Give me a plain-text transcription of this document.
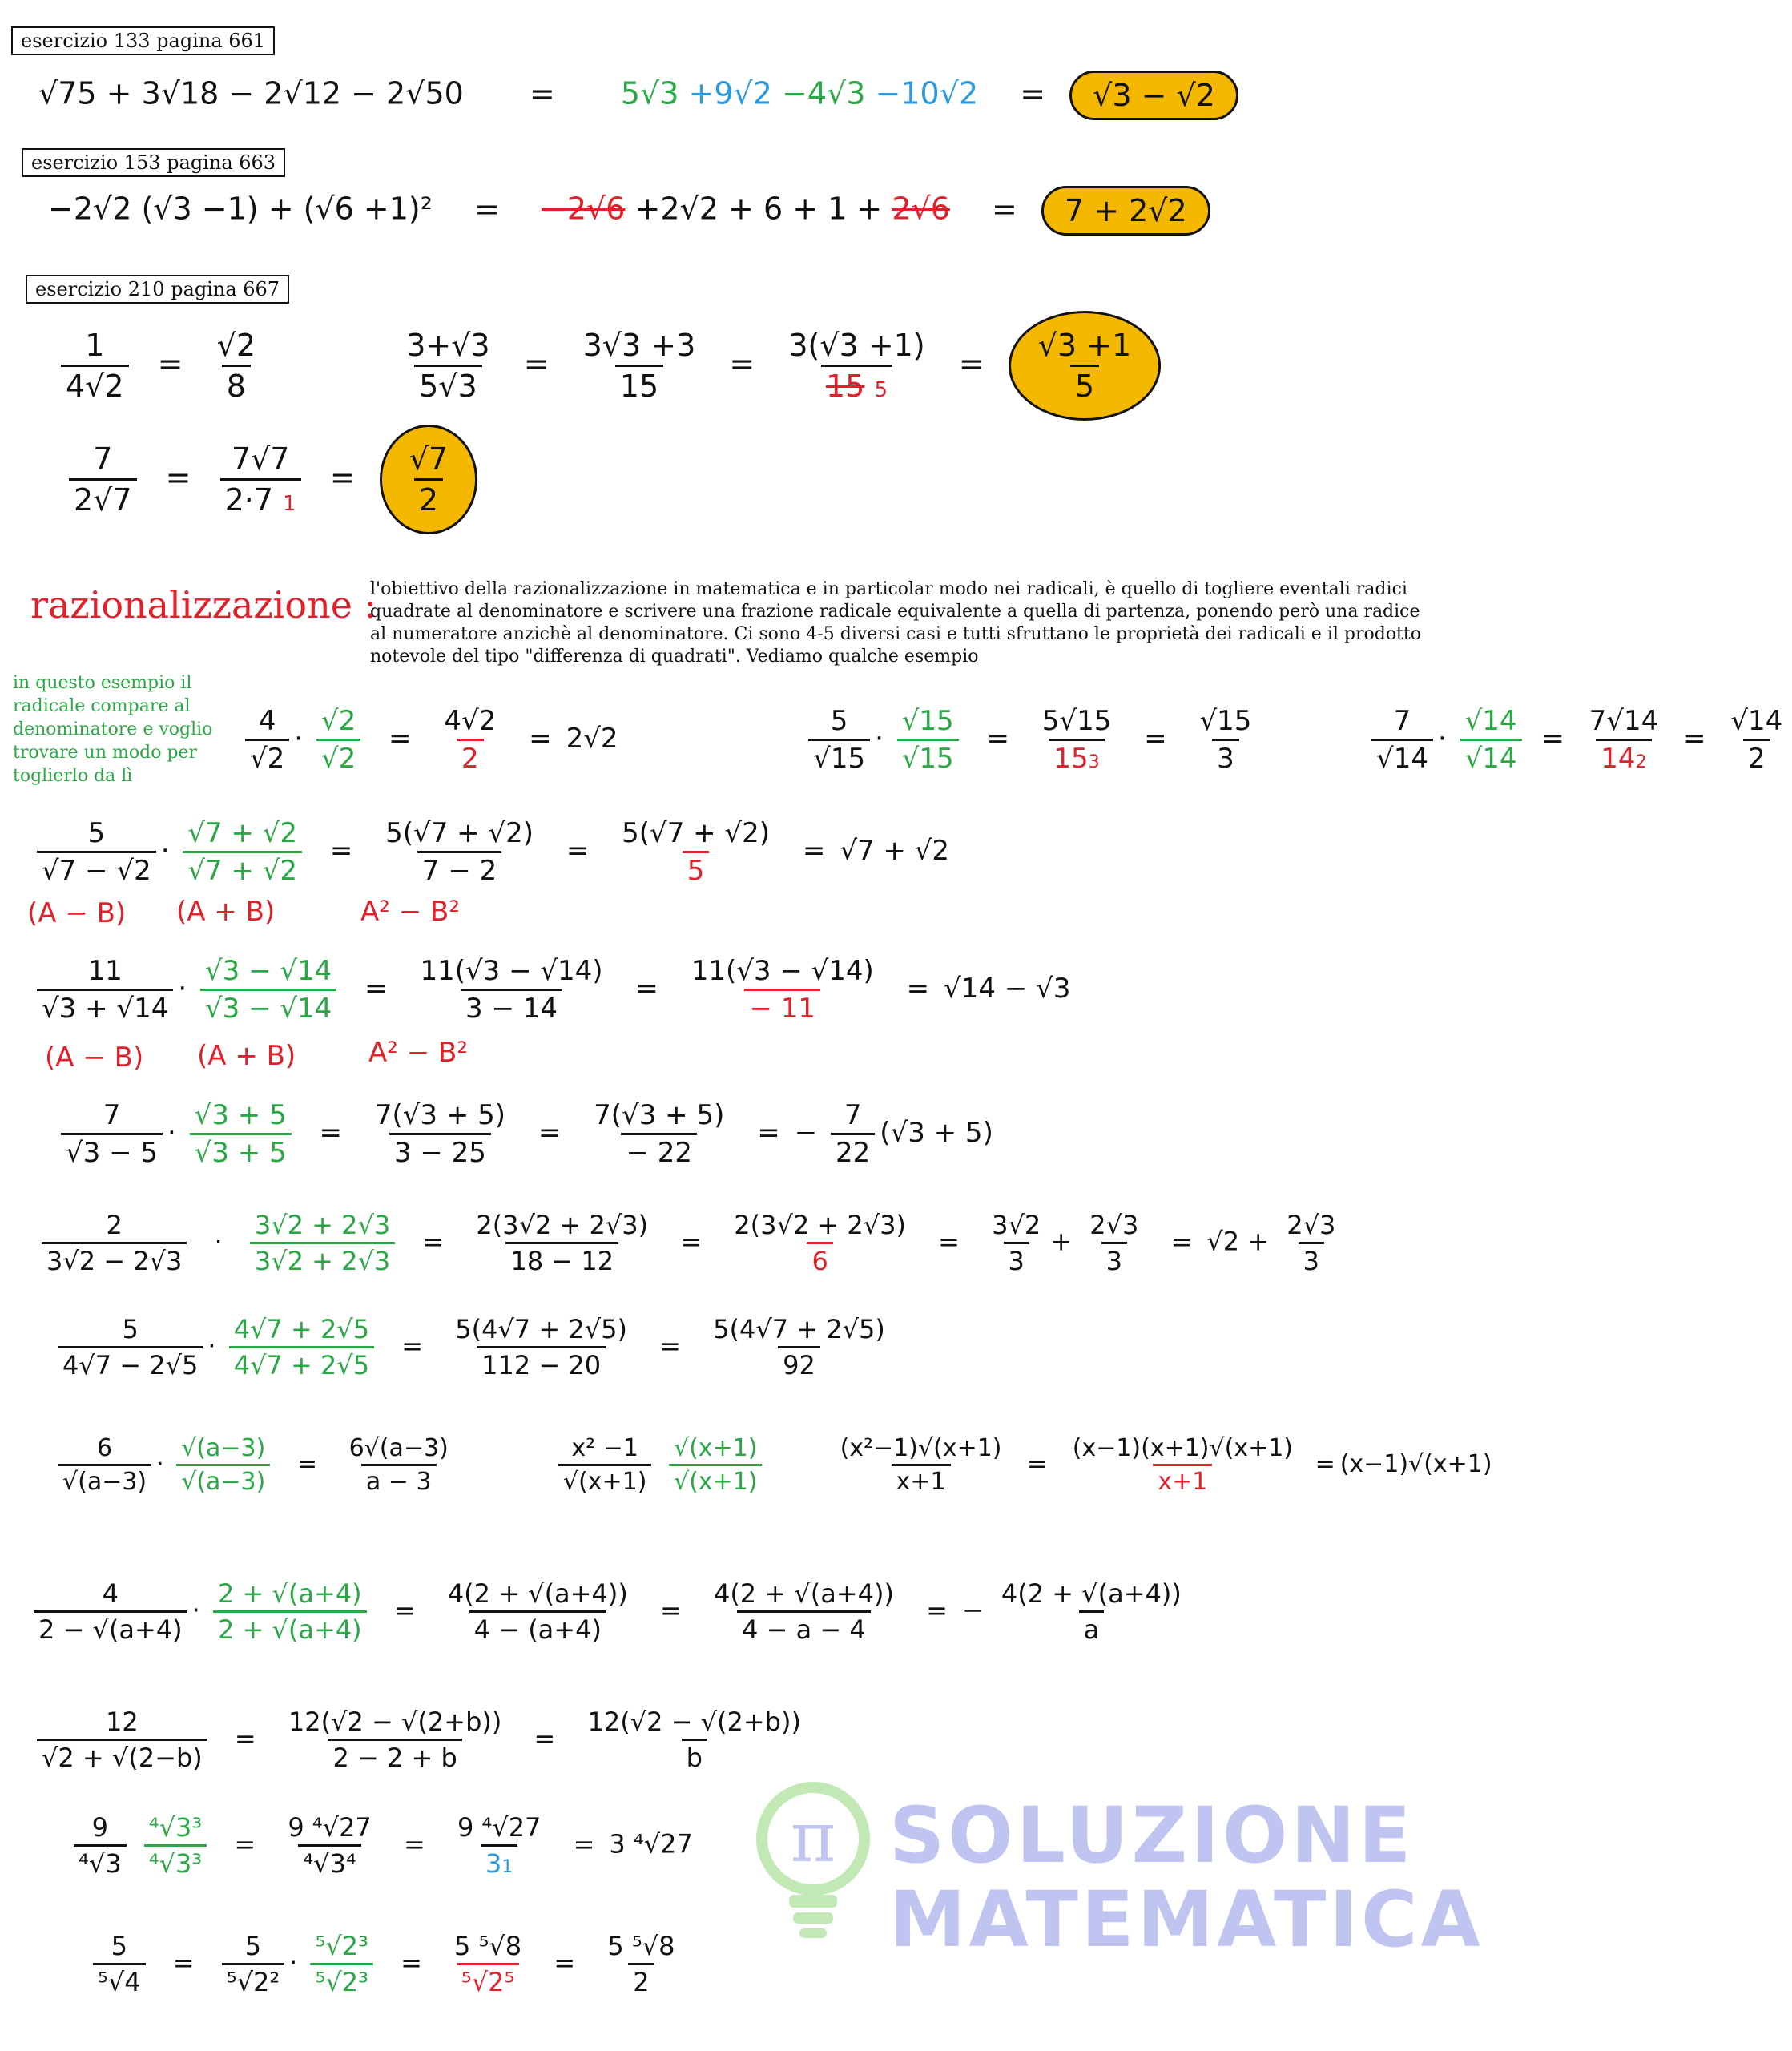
esercizio 133 pagina 661
esercizio 153 pagina 663
esercizio 210 pagina 667
√75 + 3√18 − 2√12 − 2√50 = 5√3 +9√2 −4√3 −10√2 = √3 − √2
−2√2 (√3 −1) + (√6 +1)² = −2√6 +2√2 + 6 + 1 + 2√6 = 7 + 2√2
$\frac{1}{4√2} = \frac{√2}{8}$
	$\frac{3+√3}{5√3} = \frac{3√3 +3}{15} = \frac{3(√3 +1)}{15 5} = \frac{√3 +1}{5}$
$\frac{7}{2√7} = \frac{7√7}{2\cdot 7 1} = \frac{√7}{2}$
razionalizzazione :
l'obiettivo della razionalizzazione in matematica e in particolar modo nei radicali, è quello di togliere eventali radici quadrate al denominatore e scrivere una frazione radicale equivalente a quella di partenza, ponendo però una radice al numeratore anzichè al denominatore. Ci sono 4-5 diversi casi e tutti sfruttano le proprietà dei radicali e il prodotto notevole del tipo "differenza di quadrati". Vediamo qualche esempio
in questo esempio il radicale compare al denominatore e voglio trovare un modo per toglierlo da lì
$\frac{4}{√2} \cdot \frac{√2}{√2} = \frac{4√2}{2} = 2√2$	$\frac{5}{√15} \cdot \frac{√15}{√15} = \frac{5√15}{153} = \frac{√15}{3}$
	$\frac{7}{√14} \cdot \frac{√14}{√14} = \frac{7√14}{142} = \frac{√14}{2}$
$\frac{5}{√7 - √2} \cdot \frac{√7 + √2}{√7 + √2} = \frac{5(√7 + √2)}{7 - 2} = \frac{5(√7 + √2)}{5} = √7 + √2$
(A − B) (A + B)	A² − B²
$\frac{11}{√3 + √14} \cdot \frac{√3 - √14}{√3 - √14} = \frac{11(√3 - √14)}{3 - 14} = \frac{11(√3 - √14)}{- 11} = √14 - √3$
(A − B) (A + B)	A² − B²
$\frac{7}{√3 - 5} \cdot \frac{√3 + 5}{√3 + 5} = \frac{7(√3 + 5)}{3 - 25} = \frac{7(√3 + 5)}{- 22}$ = − $\frac{7}{22} (√3 + 5)$
$\frac{2}{3√2 - 2√3} \cdot \frac{3√2 + 2√3}{3√2 + 2√3} = \frac{2(3√2 + 2√3)}{18 - 12} = \frac{2(3√2 + 2√3)}{6} = \frac{3√2}{3} + \frac{2√3}{3} = √2 + \frac{2√3}{3}$
$\frac{5}{4√7 - 2√5} \cdot \frac{4√7 + 2√5}{4√7 + 2√5} = \frac{5(4√7 + 2√5)}{112 - 20} = \frac{5(4√7 + 2√5)}{92}$
$\frac{6}{√(a-3)} \cdot \frac{√(a-3)}{√(a-3)} = \frac{6√(a-3)}{a - 3}$
	$\frac{\text{x² −1}}{√(x+1)}$
$\frac{√(x+1)}{√(x+1)}$
	$\frac{\text{(x²−1)√(x+1)}}{x+1} = \frac{(x-1)(x+1)√(x+1)}{x+1} = (x-1)√(x+1)$
$\frac{4}{2 - √(a+4)} \cdot \frac{2 + √(a+4)}{2 + √(a+4)} = \frac{4(2 + √(a+4))}{4 - (a+4)} = \frac{4(2 + √(a+4))}{4 - a - 4}$ = − $\frac{4(2 + √(a+4))}{a}$
$\frac{12}{√2 + √(2-b)} = \frac{12(√2 - √(2+b))}{2 - 2 + b} = \frac{12(√2 - √(2+b))}{b}$
$\frac{9}{\text{⁴√3}}$
$\frac{\text{⁴√3³}}{\text{⁴√3³}} = \frac{\text{9 ⁴√27}}{\text{⁴√3⁴}} = \frac{\text{9 ⁴√27}}{31} = 3$ ⁴√27
$\frac{5}{\text{⁵√4}} = \frac{5}{\text{⁵√2²}} \cdot \frac{\text{⁵√2³}}{\text{⁵√2³}} = \frac{\text{5 ⁵√8}}{\text{⁵√2⁵}} = \frac{\text{5 ⁵√8}}{2}$
π SOLUZIONE
MATEMATICA
